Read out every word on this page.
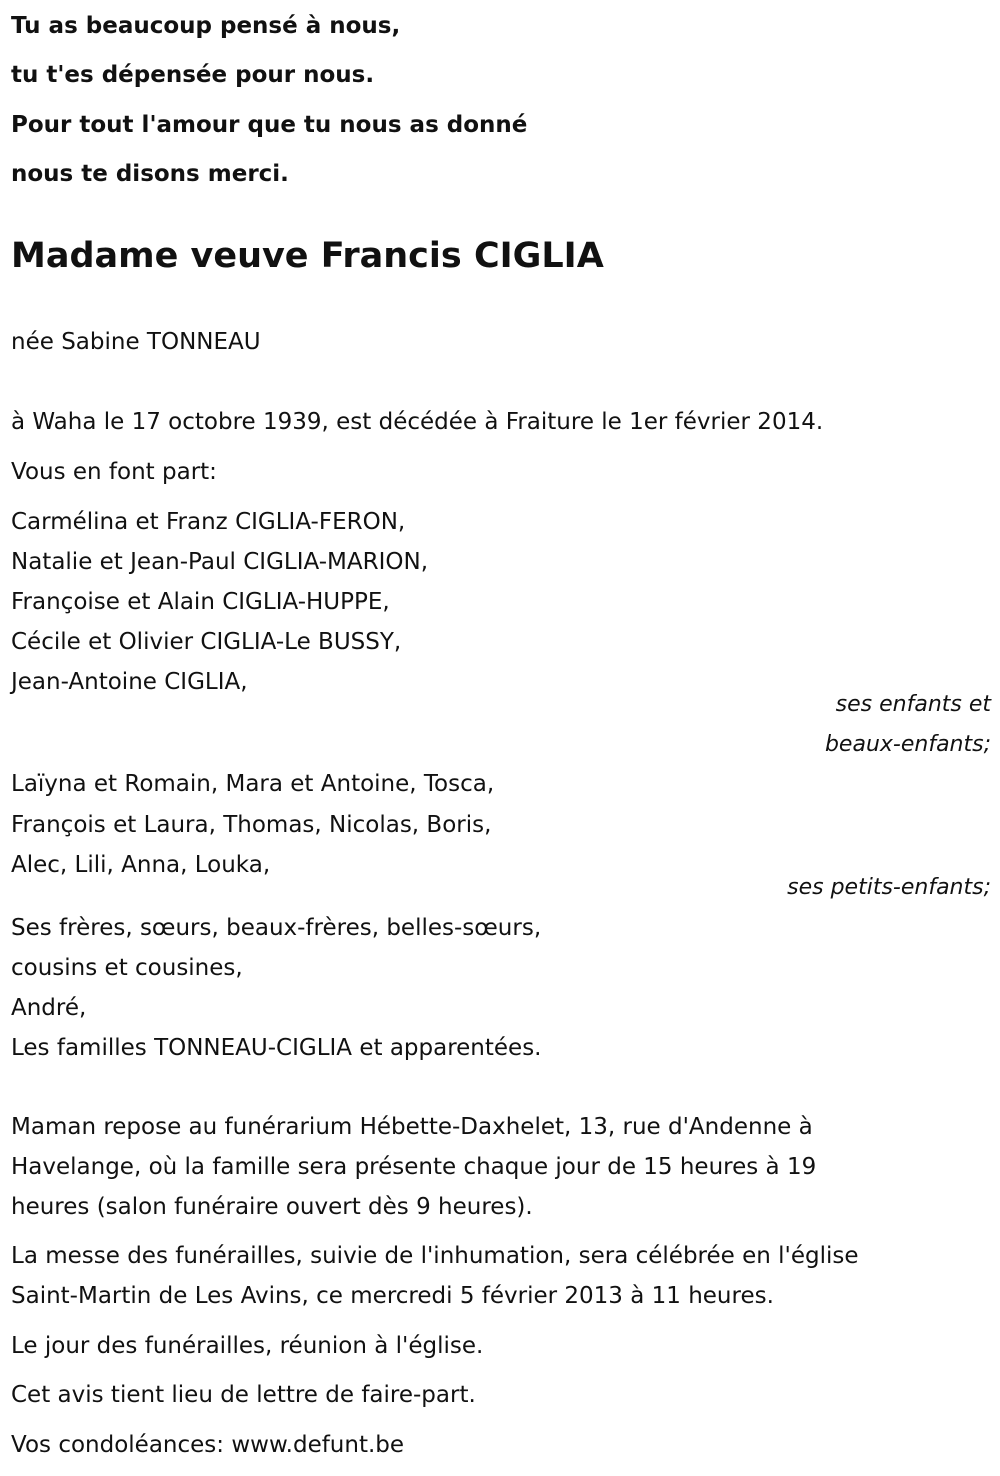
Tu as beaucoup pensé à nous,
tu t'es dépensée pour nous.
Pour tout l'amour que tu nous as donné
nous te disons merci.
Madame veuve Francis CIGLIA
née Sabine TONNEAU
à Waha le 17 octobre 1939, est décédée à Fraiture le 1er février 2014.
Vous en font part:
Carmélina et Franz CIGLIA-FERON,
Natalie et Jean-Paul CIGLIA-MARION,
Françoise et Alain CIGLIA-HUPPE,
Cécile et Olivier CIGLIA-Le BUSSY,
Jean-Antoine CIGLIA,
ses enfants et
beaux-enfants;
Laïyna et Romain, Mara et Antoine, Tosca,
François et Laura, Thomas, Nicolas, Boris,
Alec, Lili, Anna, Louka,
ses petits-enfants;
Ses frères, sœurs, beaux-frères, belles-sœurs,
cousins et cousines,
André,
Les familles TONNEAU-CIGLIA et apparentées.
Maman repose au funérarium Hébette-Daxhelet, 13, rue d'Andenne à
Havelange, où la famille sera présente chaque jour de 15 heures à 19
heures (salon funéraire ouvert dès 9 heures).
La messe des funérailles, suivie de l'inhumation, sera célébrée en l'église
Saint-Martin de Les Avins, ce mercredi 5 février 2013 à 11 heures.
Le jour des funérailles, réunion à l'église.
Cet avis tient lieu de lettre de faire-part.
Vos condoléances: www.defunt.be
